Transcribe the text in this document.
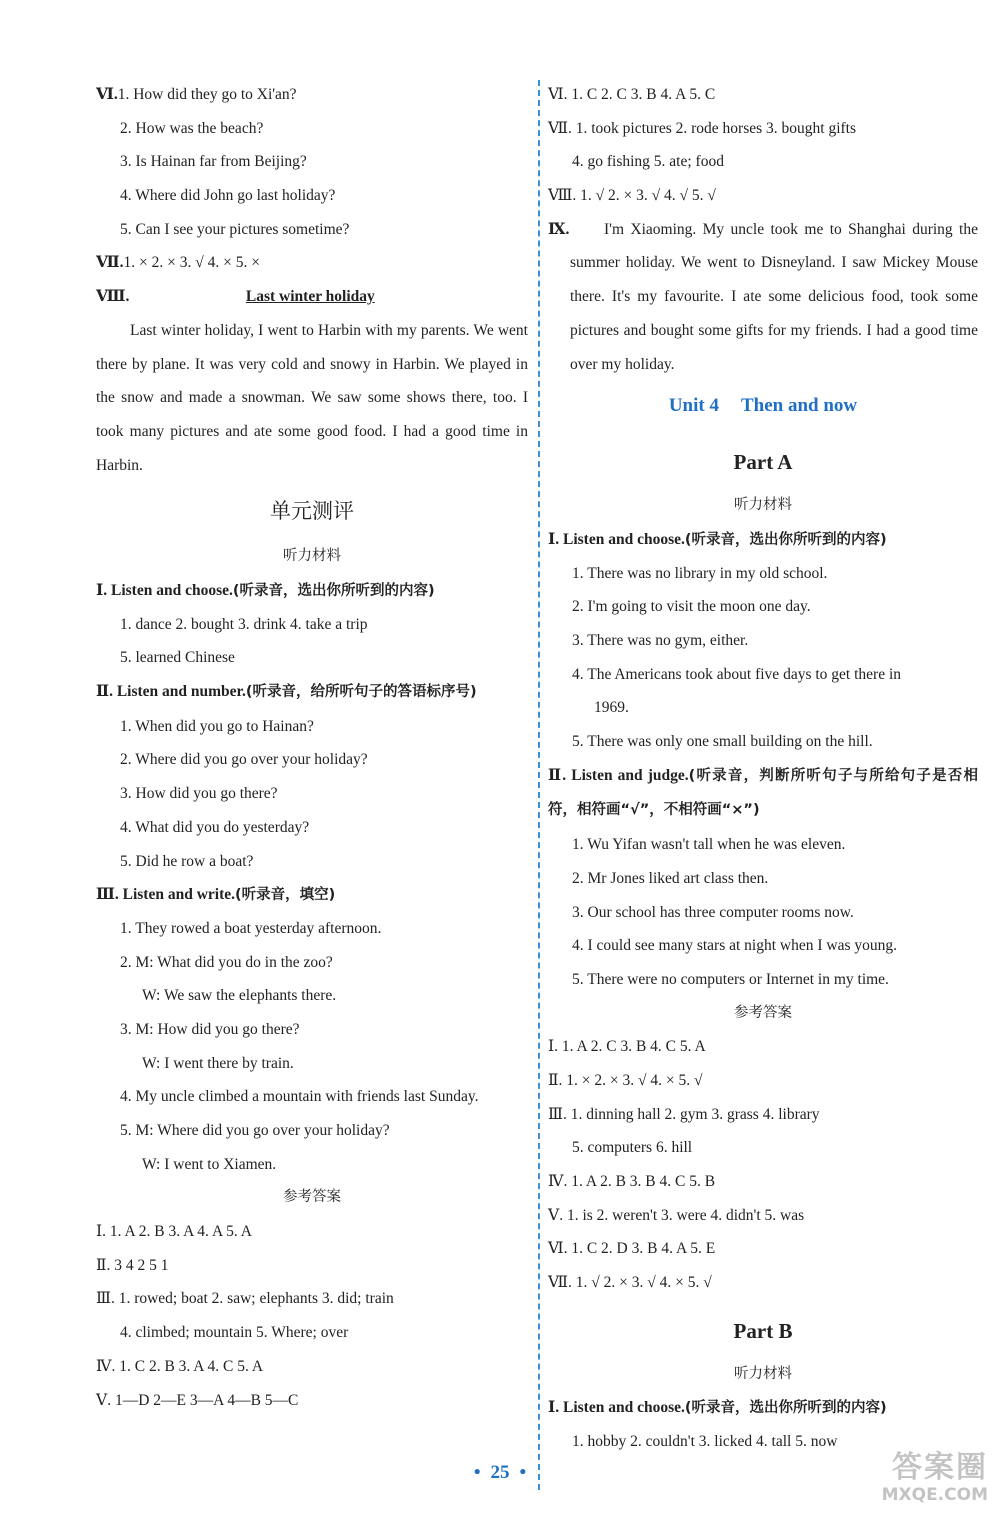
Ⅵ.1. How did they go to Xi'an?
2. How was the beach?
3. Is Hainan far from Beijing?
4. Where did John go last holiday?
5. Can I see your pictures sometime?
Ⅶ.1. × 2. × 3. √ 4. × 5. ×
Ⅷ.	Last winter holiday
Last winter holiday, I went to Harbin with my parents. We went there by plane. It was very cold and snowy in Harbin. We played in the snow and made a snowman. We saw some shows there, too. I took many pictures and ate some good food. I had a good time in Harbin.
单元测评
听力材料
Ⅰ. Listen and choose.(听录音，选出你所听到的内容)
1. dance 2. bought 3. drink 4. take a trip
5. learned Chinese
Ⅱ. Listen and number.(听录音，给所听句子的答语标序号)
1. When did you go to Hainan?
2. Where did you go over your holiday?
3. How did you go there?
4. What did you do yesterday?
5. Did he row a boat?
Ⅲ. Listen and write.(听录音，填空)
1. They rowed a boat yesterday afternoon.
2. M: What did you do in the zoo?
W: We saw the elephants there.
3. M: How did you go there?
W: I went there by train.
4. My uncle climbed a mountain with friends last Sunday.
5. M: Where did you go over your holiday?
W: I went to Xiamen.
参考答案
Ⅰ. 1. A 2. B 3. A 4. A 5. A
Ⅱ. 3 4 2 5 1
Ⅲ. 1. rowed; boat 2. saw; elephants 3. did; train
4. climbed; mountain 5. Where; over
Ⅳ. 1. C 2. B 3. A 4. C 5. A
Ⅴ. 1—D 2—E 3—A 4—B 5—C
Ⅵ. 1. C 2. C 3. B 4. A 5. C
Ⅶ. 1. took pictures 2. rode horses 3. bought gifts
4. go fishing 5. ate; food
Ⅷ. 1. √ 2. × 3. √ 4. √ 5. √
Ⅸ.	I'm Xiaoming. My uncle took me to Shanghai during the summer holiday. We went to Disneyland. I saw Mickey Mouse there. It's my favourite. I ate some delicious food, took some pictures and bought some gifts for my friends. I had a good time over my holiday.
Unit 4 Then and now
Part A
听力材料
Ⅰ. Listen and choose.(听录音，选出你所听到的内容)
1. There was no library in my old school.
2. I'm going to visit the moon one day.
3. There was no gym, either.
4. The Americans took about five days to get there in
1969.
5. There was only one small building on the hill.
Ⅱ. Listen and judge.(听录音，判断所听句子与所给句子是否相符，相符画“√”，不相符画“×”)
1. Wu Yifan wasn't tall when he was eleven.
2. Mr Jones liked art class then.
3. Our school has three computer rooms now.
4. I could see many stars at night when I was young.
5. There were no computers or Internet in my time.
参考答案
Ⅰ. 1. A 2. C 3. B 4. C 5. A
Ⅱ. 1. × 2. × 3. √ 4. × 5. √
Ⅲ. 1. dinning hall 2. gym 3. grass 4. library
5. computers 6. hill
Ⅳ. 1. A 2. B 3. B 4. C 5. B
Ⅴ. 1. is 2. weren't 3. were 4. didn't 5. was
Ⅵ. 1. C 2. D 3. B 4. A 5. E
Ⅶ. 1. √ 2. × 3. √ 4. × 5. √
Part B
听力材料
Ⅰ. Listen and choose.(听录音，选出你所听到的内容)
1. hobby 2. couldn't 3. licked 4. tall 5. now
• 25 •	答案圈
MXQE.COM
